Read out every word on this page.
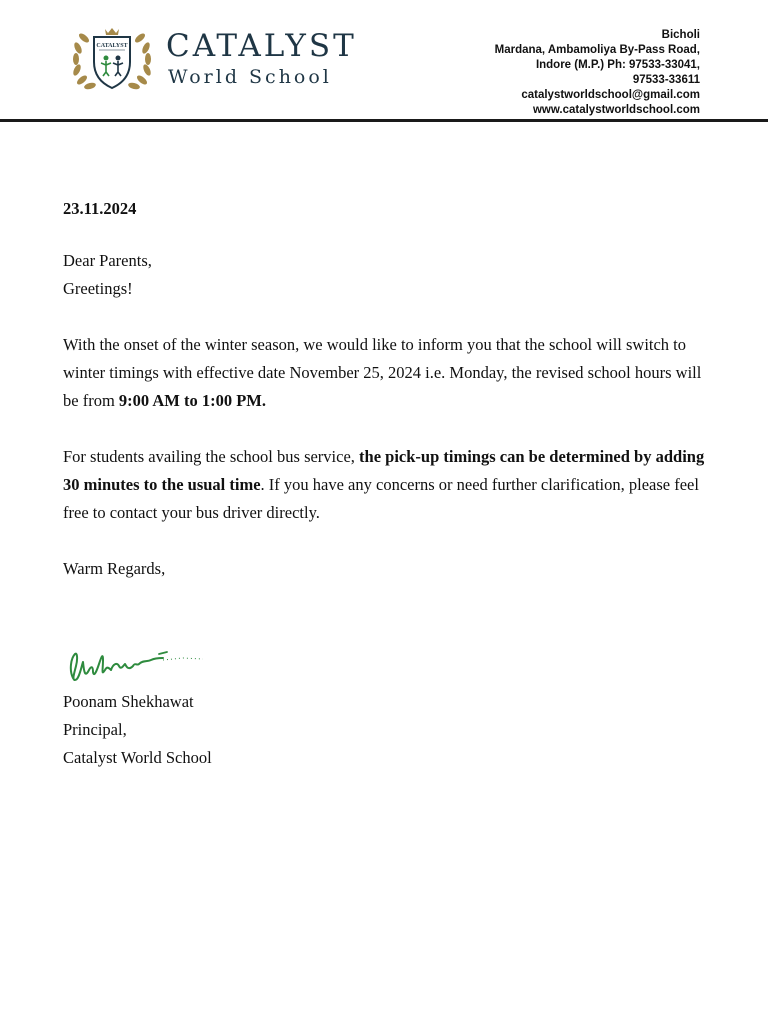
CATALYST CATALYST
World School
Bicholi
Mardana, Ambamoliya By-Pass Road,
Indore (M.P.) Ph: 97533-33041,
97533-33611
catalystworldschool@gmail.com
www.catalystworldschool.com
23.11.2024

Dear Parents,
Greetings!

With the onset of the winter season, we would like to inform you that the school will switch to winter timings with effective date November 25, 2024 i.e. Monday, the revised school hours will be from 9:00 AM to 1:00 PM.

For students availing the school bus service, the pick-up timings can be determined by adding 30 minutes to the usual time. If you have any concerns or need further clarification, please feel free to contact your bus driver directly.

Warm Regards,

Poonam Shekhawat
Principal,
Catalyst World School
